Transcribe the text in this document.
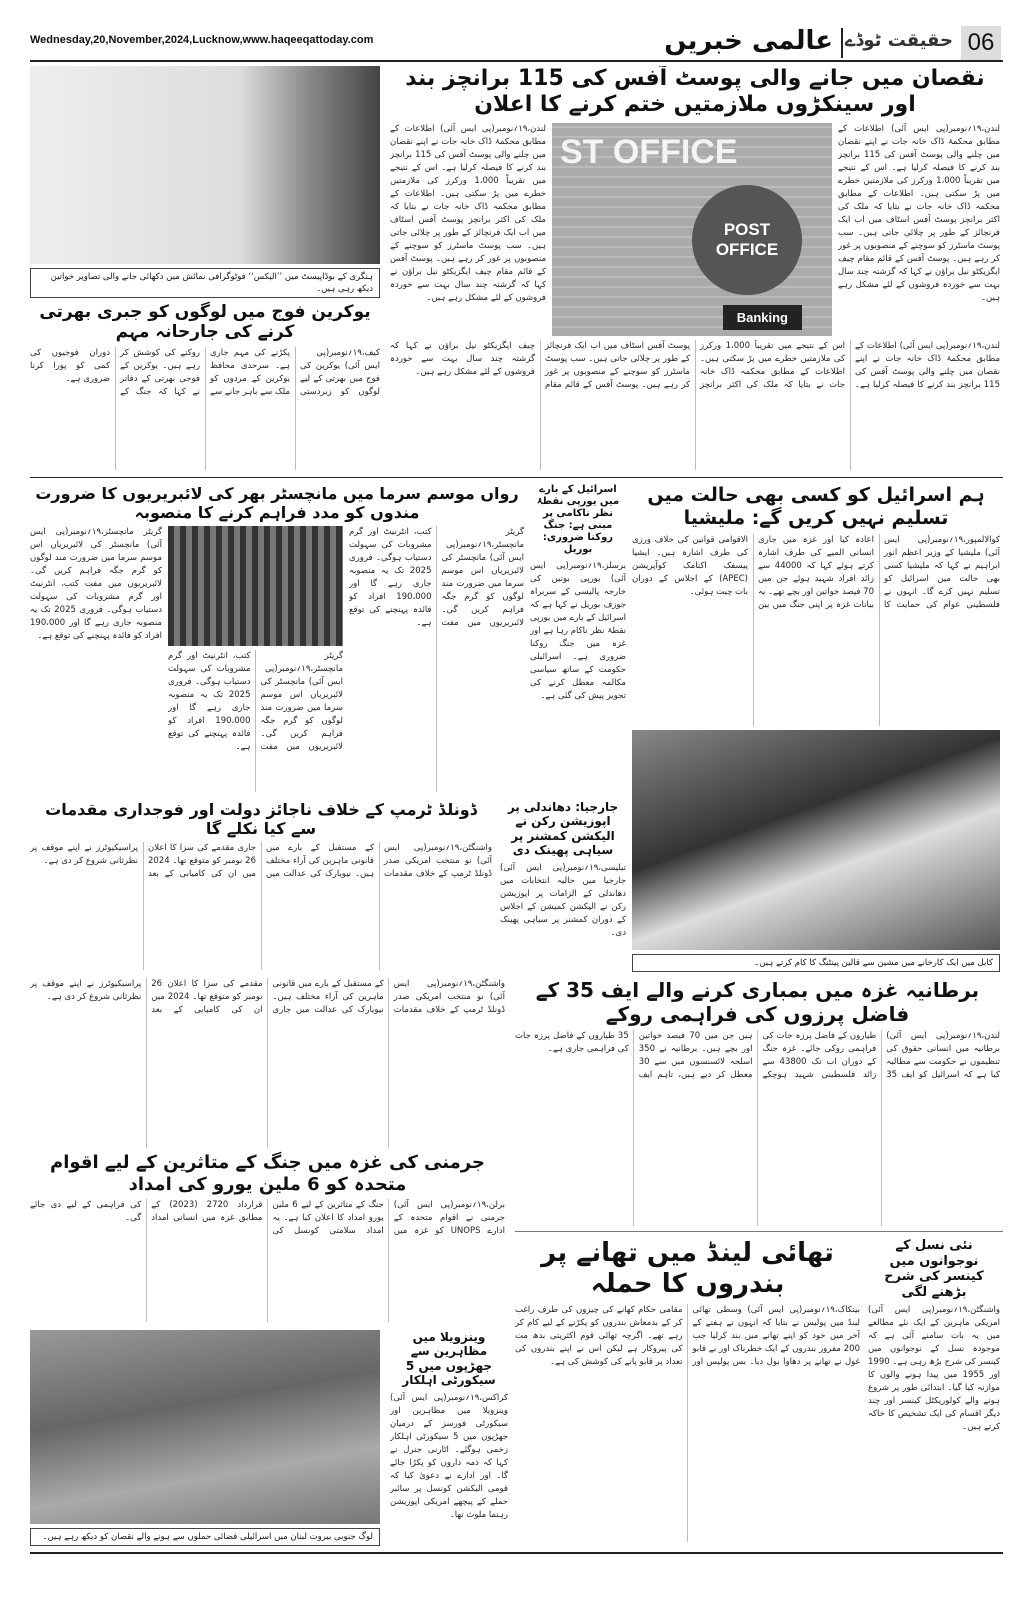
Wednesday,20,November,2024,Lucknow,www.haqeeqattoday.com	06
حقیقت ٹوڈے
عالمی خبریں
ہنگری کے بوڈاپیسٹ میں ’’الیکس‘‘ فوٹوگرافی نمائش میں دکھائی جانے والی تصاویر خواتین دیکھ رہی ہیں۔
یوکرین فوج میں لوگوں کو جبری بھرتی کرنے کی جارحانہ مہم
کیف،۱۹؍نومبر(پی ایس آئی) یوکرین کی فوج میں بھرتی کے لیے لوگوں کو زبردستی پکڑنے کی مہم جاری ہے۔ سرحدی محافظ یوکرین کے مردوں کو ملک سے باہر جانے سے روکنے کی کوشش کر رہے ہیں۔ یوکرین کے فوجی بھرتی کے دفاتر نے کہا کہ جنگ کے دوران فوجیوں کی کمی کو پورا کرنا ضروری ہے۔
نقصان میں جانے والی پوسٹ آفس کی 115 برانچز بند اور سینکڑوں ملازمتیں ختم کرنے کا اعلان
لندن،۱۹؍نومبر(پی ایس آئی) اطلاعات کے مطابق محکمۂ ڈاک خانہ جات نے اپنے نقصان میں چلنے والی پوسٹ آفس کی 115 برانچز بند کرنے کا فیصلہ کرلیا ہے۔ اس کے نتیجے میں تقریباً 1،000 ورکرز کی ملازمتیں خطرے میں پڑ سکتی ہیں۔ اطلاعات کے مطابق محکمہ ڈاک خانہ جات نے بتایا کہ ملک کی اکثر برانچز پوسٹ آفس اسٹاف میں اب ایک فرنچائز کے طور پر چلائی جاتی ہیں۔ سب پوسٹ ماسٹرز کو سوچنے کے منصوبوں پر غور کر رہے ہیں۔ پوسٹ آفس کے قائم مقام چیف ایگزیکٹو نیل براؤن نے کہا کہ گزشتہ چند سال بہت سے خوردہ فروشوں کے لئے مشکل رہے ہیں۔
ST OFFICE
POST OFFICE
Banking
لندن،۱۹؍نومبر(پی ایس آئی) اطلاعات کے مطابق محکمۂ ڈاک خانہ جات نے اپنے نقصان میں چلنے والی پوسٹ آفس کی 115 برانچز بند کرنے کا فیصلہ کرلیا ہے۔ اس کے نتیجے میں تقریباً 1،000 ورکرز کی ملازمتیں خطرے میں پڑ سکتی ہیں۔ اطلاعات کے مطابق محکمہ ڈاک خانہ جات نے بتایا کہ ملک کی اکثر برانچز پوسٹ آفس اسٹاف میں اب ایک فرنچائز کے طور پر چلائی جاتی ہیں۔ سب پوسٹ ماسٹرز کو سوچنے کے منصوبوں پر غور کر رہے ہیں۔ پوسٹ آفس کے قائم مقام چیف ایگزیکٹو نیل براؤن نے کہا کہ گزشتہ چند سال بہت سے خوردہ فروشوں کے لئے مشکل رہے ہیں۔
لندن،۱۹؍نومبر(پی ایس آئی) اطلاعات کے مطابق محکمۂ ڈاک خانہ جات نے اپنے نقصان میں چلنے والی پوسٹ آفس کی 115 برانچز بند کرنے کا فیصلہ کرلیا ہے۔ اس کے نتیجے میں تقریباً 1،000 ورکرز کی ملازمتیں خطرے میں پڑ سکتی ہیں۔ اطلاعات کے مطابق محکمہ ڈاک خانہ جات نے بتایا کہ ملک کی اکثر برانچز پوسٹ آفس اسٹاف میں اب ایک فرنچائز کے طور پر چلائی جاتی ہیں۔ سب پوسٹ ماسٹرز کو سوچنے کے منصوبوں پر غور کر رہے ہیں۔ پوسٹ آفس کے قائم مقام چیف ایگزیکٹو نیل براؤن نے کہا کہ گزشتہ چند سال بہت سے خوردہ فروشوں کے لئے مشکل رہے ہیں۔
ہم اسرائیل کو کسی بھی حالت میں تسلیم نہیں کریں گے: ملیشیا
کوالالمپور،۱۹؍نومبر(پی ایس آئی) ملیشیا کے وزیر اعظم انور ابراہیم نے کہا کہ ملیشیا کسی بھی حالت میں اسرائیل کو تسلیم نہیں کرے گا۔ انہوں نے فلسطینی عوام کی حمایت کا اعادہ کیا اور غزہ میں جاری انسانی المیے کی طرف اشارہ کرتے ہوئے کہا کہ 44000 سے زائد افراد شہید ہوئے جن میں 70 فیصد خواتین اور بچے تھے۔ یہ بیانات غزہ پر اپنی جنگ میں بین الاقوامی قوانین کی خلاف ورزی کی طرف اشارہ ہیں۔ ایشیا پیسفک اکنامک کوآپریشن (APEC) کے اجلاس کے دوران بات چیت ہوئی۔
کابل میں ایک کارخانے میں مشین سے قالین پینٹنگ کا کام کرتے ہیں۔
اسرائیل کے بارے میں یورپی نقطۂ نظر ناکامی پر مبنی ہے: جنگ روکنا ضروری: بوریل
برسلز،۱۹؍نومبر(پی ایس آئی) یورپی یونین کی خارجہ پالیسی کے سربراہ جوزف بوریل نے کہا ہے کہ اسرائیل کے بارے میں یورپی نقطۂ نظر ناکام رہا ہے اور غزہ میں جنگ روکنا ضروری ہے۔ اسرائیلی حکومت کے ساتھ سیاسی مکالمہ معطل کرنے کی تجویز پیش کی گئی ہے۔
رواں موسم سرما میں مانچسٹر بھر کی لائبریریوں کا ضرورت مندوں کو مدد فراہم کرنے کا منصوبہ
گریٹر مانچسٹر،۱۹؍نومبر(پی ایس آئی) مانچسٹر کی لائبریریاں اس موسم سرما میں ضرورت مند لوگوں کو گرم جگہ فراہم کریں گی۔ لائبریریوں میں مفت کتب، انٹرنیٹ اور گرم مشروبات کی سہولت دستیاب ہوگی۔ فروری 2025 تک یہ منصوبہ جاری رہے گا اور 190،000 افراد کو فائدہ پہنچنے کی توقع ہے۔
گریٹر مانچسٹر،۱۹؍نومبر(پی ایس آئی) مانچسٹر کی لائبریریاں اس موسم سرما میں ضرورت مند لوگوں کو گرم جگہ فراہم کریں گی۔ لائبریریوں میں مفت کتب، انٹرنیٹ اور گرم مشروبات کی سہولت دستیاب ہوگی۔ فروری 2025 تک یہ منصوبہ جاری رہے گا اور 190،000 افراد کو فائدہ پہنچنے کی توقع ہے۔
گریٹر مانچسٹر،۱۹؍نومبر(پی ایس آئی) مانچسٹر کی لائبریریاں اس موسم سرما میں ضرورت مند لوگوں کو گرم جگہ فراہم کریں گی۔ لائبریریوں میں مفت کتب، انٹرنیٹ اور گرم مشروبات کی سہولت دستیاب ہوگی۔ فروری 2025 تک یہ منصوبہ جاری رہے گا اور 190،000 افراد کو فائدہ پہنچنے کی توقع ہے۔
جارجیا: دھاندلی پر اپوزیشن رکن نے الیکشن کمشنر پر سیاہی پھینک دی
تبلیسی،۱۹؍نومبر(پی ایس آئی) جارجیا میں حالیہ انتخابات میں دھاندلی کے الزامات پر اپوزیشن رکن نے الیکشن کمیشن کے اجلاس کے دوران کمشنر پر سیاہی پھینک دی۔
ڈونلڈ ٹرمپ کے خلاف ناجائز دولت اور فوجداری مقدمات سے کیا نکلے گا
واشنگٹن،۱۹؍نومبر(پی ایس آئی) نو منتخب امریکی صدر ڈونلڈ ٹرمپ کے خلاف مقدمات کے مستقبل کے بارے میں قانونی ماہرین کی آراء مختلف ہیں۔ نیویارک کی عدالت میں جاری مقدمے کی سزا کا اعلان 26 نومبر کو متوقع تھا۔ 2024 میں ان کی کامیابی کے بعد پراسیکیوٹرز نے اپنے موقف پر نظرثانی شروع کر دی ہے۔
برطانیہ غزہ میں بمباری کرنے والے ایف 35 کے فاضل پرزوں کی فراہمی روکے
لندن،۱۹؍نومبر(پی ایس آئی) برطانیہ میں انسانی حقوق کی تنظیموں نے حکومت سے مطالبہ کیا ہے کہ اسرائیل کو ایف 35 طیاروں کے فاضل پرزہ جات کی فراہمی روکی جائے۔ غزہ جنگ کے دوران اب تک 43800 سے زائد فلسطینی شہید ہوچکے ہیں جن میں 70 فیصد خواتین اور بچے ہیں۔ برطانیہ نے 350 اسلحہ لائسنسوں میں سے 30 معطل کر دیے ہیں، تاہم ایف 35 طیاروں کے فاضل پرزہ جات کی فراہمی جاری ہے۔
واشنگٹن،۱۹؍نومبر(پی ایس آئی) نو منتخب امریکی صدر ڈونلڈ ٹرمپ کے خلاف مقدمات کے مستقبل کے بارے میں قانونی ماہرین کی آراء مختلف ہیں۔ نیویارک کی عدالت میں جاری مقدمے کی سزا کا اعلان 26 نومبر کو متوقع تھا۔ 2024 میں ان کی کامیابی کے بعد پراسیکیوٹرز نے اپنے موقف پر نظرثانی شروع کر دی ہے۔
جرمنی کی غزہ میں جنگ کے متاثرین کے لیے اقوام متحدہ کو 6 ملین یورو کی امداد
برلن،۱۹؍نومبر(پی ایس آئی) جرمنی نے اقوام متحدہ کے ادارے UNOPS کو غزہ میں جنگ کے متاثرین کے لیے 6 ملین یورو امداد کا اعلان کیا ہے۔ یہ امداد سلامتی کونسل کی قرارداد 2720 (2023) کے مطابق غزہ میں انسانی امداد کی فراہمی کے لیے دی جائے گی۔
تھائی لینڈ میں تھانے پر بندروں کا حملہ
بینکاک،۱۹؍نومبر(پی ایس آئی) وسطی تھائی لینڈ میں پولیس نے بتایا کہ انہوں نے ہفتے کے آخر میں خود کو اپنے تھانے میں بند کرلیا جب 200 مفرور بندروں کے ایک خطرناک اور بے قابو غول نے تھانے پر دھاوا بول دیا۔ بس پولیس اور مقامی حکام کھانے کی چیزوں کی طرف راغب کر کے بدمعاش بندروں کو پکڑنے کے لیے کام کر رہے تھے۔ اگرچہ تھائی قوم اکثریتی بدھ مت کی پیروکار ہے لیکن اس نے اپنے بندروں کی تعداد پر قابو پانے کی کوشش کی ہے۔
نئی نسل کے نوجوانوں میں کینسر کی شرح بڑھنے لگی
واشنگٹن،۱۹؍نومبر(پی ایس آئی) امریکی ماہرین کے ایک نئے مطالعے میں یہ بات سامنے آئی ہے کہ موجودہ نسل کے نوجوانوں میں کینسر کی شرح بڑھ رہی ہے۔ 1990 اور 1955 میں پیدا ہونے والوں کا موازنہ کیا گیا۔ ابتدائی طور پر شروع ہونے والے کولوریکٹل کینسر اور چند دیگر اقسام کی ایک تشخیص کا خاکہ کرتے ہیں۔
وینزویلا میں مظاہرین سے جھڑپوں میں 5 سیکورٹی اہلکار
کراکس،۱۹؍نومبر(پی ایس آئی) وینزویلا میں مظاہرین اور سیکورٹی فورسز کے درمیان جھڑپوں میں 5 سیکورٹی اہلکار زخمی ہوگئے۔ اٹارنی جنرل نے کہا کہ ذمہ داروں کو پکڑا جائے گا۔ اور ادارے نے دعویٰ کیا کہ قومی الیکشن کونسل پر سائبر حملے کے پیچھے امریکی اپوزیشن رہنما ملوث تھا۔
لوگ جنوبی بیروت لبنان میں اسرائیلی فضائی حملوں سے ہونے والے نقصان کو دیکھ رہے ہیں۔
